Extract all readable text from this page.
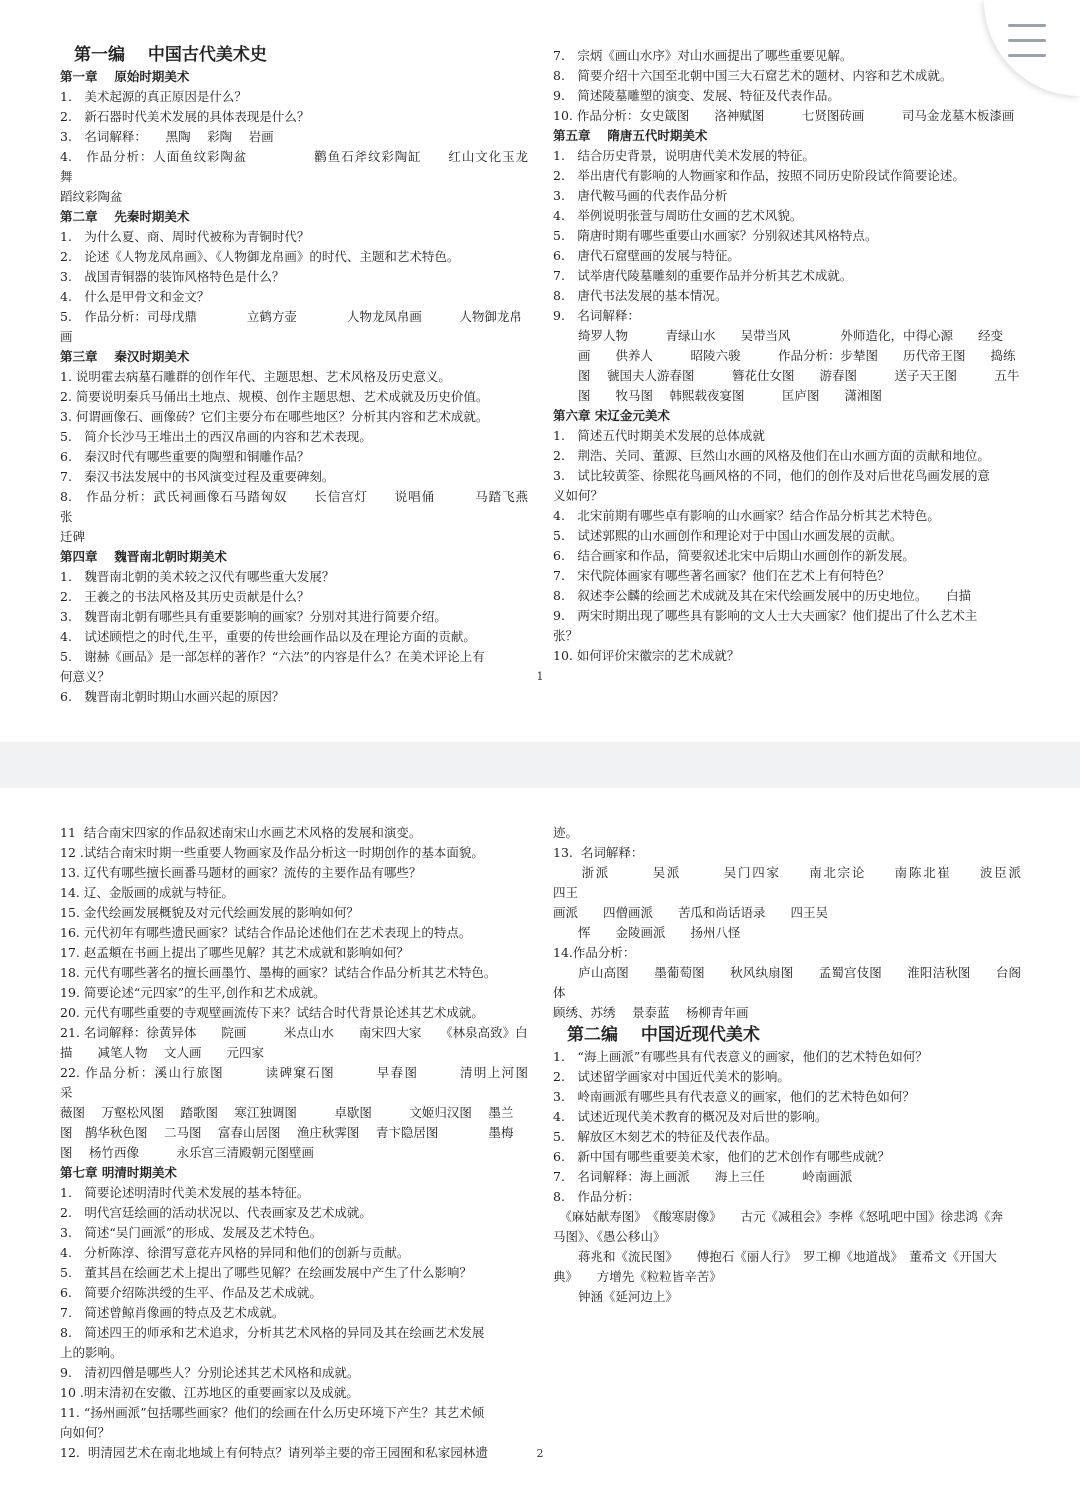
第一编　 中国古代美术史
第一章　 原始时期美术
1.　美术起源的真正原因是什么？
2.　新石器时代美术发展的具体表现是什么？
3.　名词解释：　　黑陶　 彩陶　 岩画
4.　作品分析：人面鱼纹彩陶盆　　　　　鹳鱼石斧纹彩陶缸　　红山文化玉龙　　舞
蹈纹彩陶盆
第二章　 先秦时期美术
1.　为什么夏、商、周时代被称为青铜时代？
2.　论述《人物龙凤帛画》、《人物御龙帛画》的时代、主题和艺术特色。
3.　战国青铜器的装饰风格特色是什么？
4.　什么是甲骨文和金文？
5.　作品分析：司母戊鼎　　　　立鹤方壶　　　　人物龙凤帛画　　　人物御龙帛
画
第三章　 秦汉时期美术
1. 说明霍去病墓石雕群的创作年代、主题思想、艺术风格及历史意义。
2. 简要说明秦兵马俑出土地点、规模、创作主题思想、艺术成就及历史价值。
3. 何谓画像石、画像砖？它们主要分布在哪些地区？分析其内容和艺术成就。
5.　简介长沙马王堆出土的西汉帛画的内容和艺术表现。
6.　秦汉时代有哪些重要的陶塑和铜雕作品？
7.　秦汉书法发展中的书风演变过程及重要碑刻。
8.　作品分析：武氏祠画像石马踏匈奴　　长信宫灯　　说唱俑　　　马踏飞燕　　张
迁碑
第四章　 魏晋南北朝时期美术
1.　魏晋南北朝的美术较之汉代有哪些重大发展？
2.　王羲之的书法风格及其历史贡献是什么？
3.　魏晋南北朝有哪些具有重要影响的画家？分别对其进行简要介绍。
4.　试述顾恺之的时代,生平，重要的传世绘画作品以及在理论方面的贡献。
5.　谢赫《画品》是一部怎样的著作？“六法”的内容是什么？在美术评论上有
何意义？
6.　魏晋南北朝时期山水画兴起的原因？
7.　宗炳《画山水序》对山水画提出了哪些重要见解。
8.　简要介绍十六国至北朝中国三大石窟艺术的题材、内容和艺术成就。
9.　简述陵墓雕塑的演变、发展、特征及代表作品。
10. 作品分析：女史箴图　　洛神赋图　　　七贤图砖画　　　司马金龙墓木板漆画
第五章　 隋唐五代时期美术
1.　结合历史背景，说明唐代美术发展的特征。
2.　举出唐代有影响的人物画家和作品，按照不同历史阶段试作简要论述。
3.　唐代鞍马画的代表作品分析
4.　举例说明张萱与周昉仕女画的艺术风貌。
5.　隋唐时期有哪些重要山水画家？分别叙述其风格特点。
6.　唐代石窟壁画的发展与特征。
7.　试举唐代陵墓雕刻的重要作品并分析其艺术成就。
8.　唐代书法发展的基本情况。
9.　名词解释：
　　绮罗人物　　　青绿山水　　吴带当风　　　　外师造化，中得心源　　经变
　　画　　供养人　　　昭陵六骏　　　作品分析：步辇图　　历代帝王图　　捣练
　　图　 虢国夫人游春图　　　簪花仕女图　　游春图　　　送子天王图　　　五牛
　　图　　牧马图　 韩熙载夜宴图　　　匡庐图　　潇湘图
第六章 宋辽金元美术
1.　简述五代时期美术发展的总体成就
2.　荆浩、关同、董源、巨然山水画的风格及他们在山水画方面的贡献和地位。
3.　试比较黄筌、徐熙花鸟画风格的不同，他们的创作及对后世花鸟画发展的意
义如何？
4.　北宋前期有哪些卓有影响的山水画家？结合作品分析其艺术特色。
5.　试述郭熙的山水画创作和理论对于中国山水画发展的贡献。
6.　结合画家和作品，简要叙述北宋中后期山水画创作的新发展。
7.　宋代院体画家有哪些著名画家？他们在艺术上有何特色？
8.　叙述李公麟的绘画艺术成就及其在宋代绘画发展中的历史地位。　　白描
9.　两宋时期出现了哪些具有影响的文人士大夫画家？他们提出了什么艺术主
张？
10. 如何评价宋徽宗的艺术成就？
1
11  结合南宋四家的作品叙述南宋山水画艺术风格的发展和演变。
12 .试结合南宋时期一些重要人物画家及作品分析这一时期创作的基本面貌。
13. 辽代有哪些擅长画番马题材的画家？流传的主要作品有哪些？
14. 辽、金版画的成就与特征。
15. 金代绘画发展概貌及对元代绘画发展的影响如何？
16. 元代初年有哪些遗民画家？试结合作品论述他们在艺术表现上的特点。
17. 赵孟頫在书画上提出了哪些见解？其艺术成就和影响如何？
18. 元代有哪些著名的擅长画墨竹、墨梅的画家？试结合作品分析其艺术特色。
19. 简要论述“元四家”的生平,创作和艺术成就。
20. 元代有哪些重要的寺观壁画流传下来？试结合时代背景论述其艺术成就。
21. 名词解释：徐黄异体　　院画　　　米点山水　　南宋四大家　　《林泉高致》白
描　　减笔人物　 文人画　　元四家
22. 作品分析：溪山行旅图　　　读碑窠石图　　　早春图　　　清明上河图　　　采
薇图　 万壑松风图　 踏歌图　 寒江独调图　　　卓歇图　　　文姬归汉图　 墨兰
图　鹊华秋色图　 二马图　 富春山居图　 渔庄秋霁图　 青卞隐居图　　　　墨梅
图　 杨竹西像　　　永乐宫三清殿朝元图壁画
第七章 明清时期美术
1.　简要论述明清时代美术发展的基本特征。
2.　明代宫廷绘画的活动状况以、代表画家及艺术成就。
3.　简述“吴门画派”的形成、发展及艺术特色。
4.　分析陈淳、徐渭写意花卉风格的异同和他们的创新与贡献。
5.　董其昌在绘画艺术上提出了哪些见解？在绘画发展中产生了什么影响？
6.　简要介绍陈洪绶的生平、作品及艺术成就。
7.　简述曾鲸肖像画的特点及艺术成就。
8.　简述四王的师承和艺术追求，分析其艺术风格的异同及其在绘画艺术发展
上的影响。
9.　清初四僧是哪些人？分别论述其艺术风格和成就。
10 .明末清初在安徽、江苏地区的重要画家以及成就。
11. “扬州画派”包括哪些画家？他们的绘画在什么历史环境下产生？其艺术倾
向如何？
12.  明清园艺术在南北地域上有何特点？请列举主要的帝王园囿和私家园林遗
迹。
13.  名词解释：
　　浙派　　　吴派　　　吴门四家　　南北宗论　　南陈北崔　　波臣派　　　　四王
画派　　四僧画派　　苦瓜和尚话语录　　四王吴
　　恽　　金陵画派　　扬州八怪
14.作品分析：
　　庐山高图　　墨葡萄图　　秋风纨扇图　　孟蜀宫伎图　　淮阳洁秋图　　台阁体
顾绣、苏绣　 景泰蓝　 杨柳青年画
第二编　 中国近现代美术
1.　“海上画派”有哪些具有代表意义的画家，他们的艺术特色如何？
2.　试述留学画家对中国近代美术的影响。
3.　岭南画派有哪些具有代表意义的画家，他们的艺术特色如何？
4.　试述近现代美术教育的概况及对后世的影响。
5.　解放区木刻艺术的特征及代表作品。
6.　新中国有哪些重要美术家，他们的艺术创作有哪些成就？
7.　名词解释：海上画派　　海上三任　　　岭南画派
8.　作品分析：
　《麻姑献寿图》　《酸寒尉像》　　古元《减租会》李桦《怒吼吧中国》徐悲鸿《奔
马图》、《愚公移山》
　　蒋兆和《流民图》　　傅抱石《丽人行》　罗工柳《地道战》　董希文《开国大
典》　　方增先《粒粒皆辛苦》
　　钟涵《延河边上》
2
